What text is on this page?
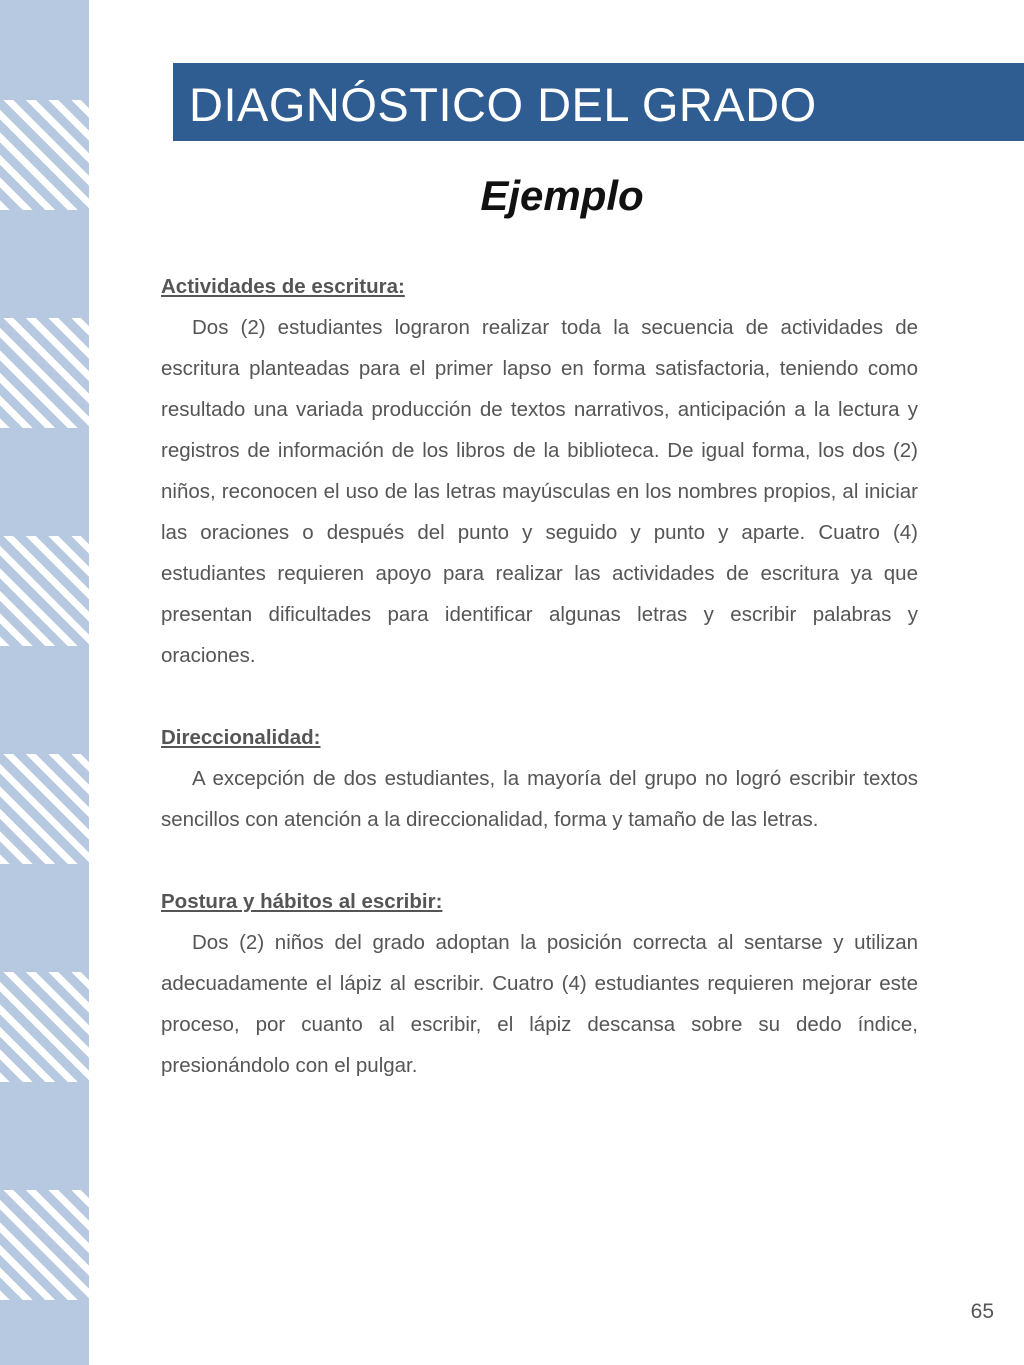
DIAGNÓSTICO DEL GRADO
Ejemplo

Actividades de escritura:

Dos (2) estudiantes lograron realizar toda la secuencia de actividades de escritura planteadas para el primer lapso en forma satisfactoria, teniendo como resultado una variada producción de textos narrativos, anticipación a la lectura y registros de información de los libros de la biblioteca. De igual forma, los dos (2) niños, reconocen el uso de las letras mayúsculas en los nombres propios, al iniciar las oraciones o después del punto y seguido y punto y aparte. Cuatro (4) estudiantes requieren apoyo para realizar las actividades de escritura ya que presentan dificultades para identificar algunas letras y escribir palabras y oraciones.

Direccionalidad:

A excepción de dos estudiantes, la mayoría del grupo no logró escribir textos sencillos con atención a la direccionalidad, forma y tamaño de las letras.

Postura y hábitos al escribir:

Dos (2) niños del grado adoptan la posición correcta al sentarse y utilizan adecuadamente el lápiz al escribir. Cuatro (4) estudiantes requieren mejorar este proceso, por cuanto al escribir, el lápiz descansa sobre su dedo índice, presionándolo con el pulgar.

65
